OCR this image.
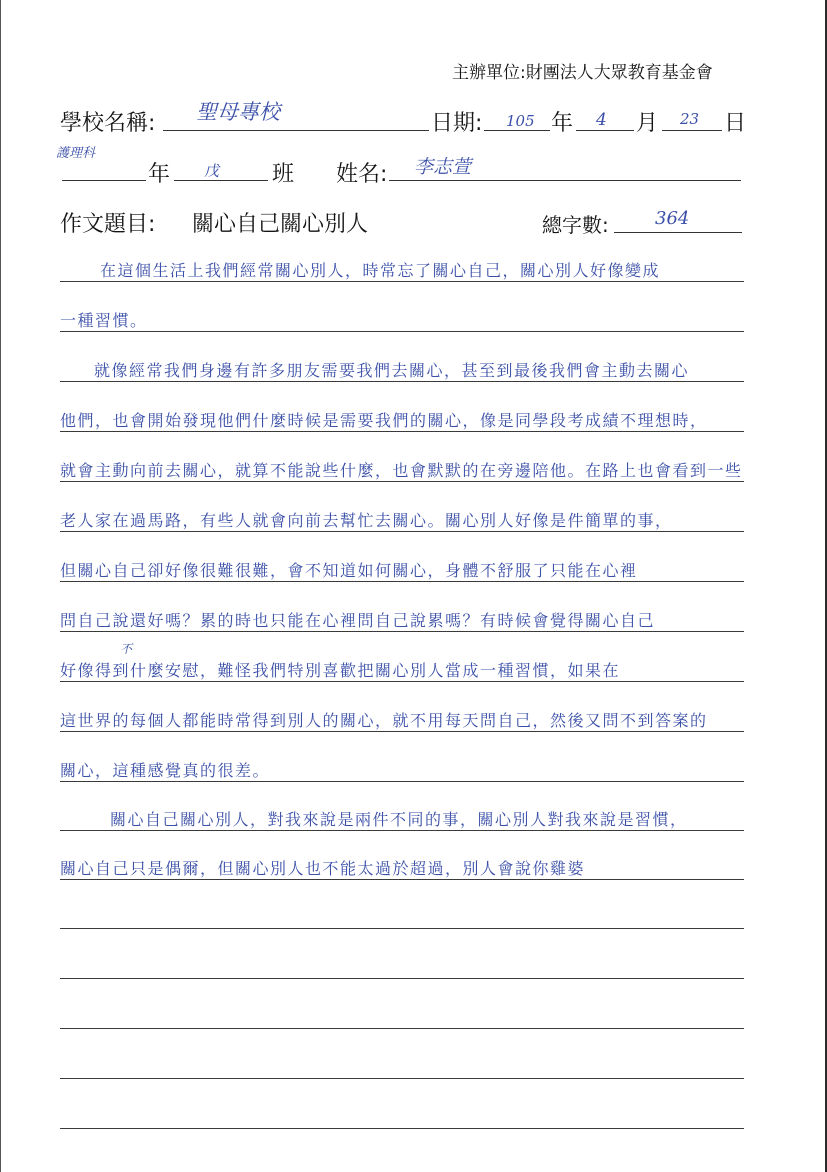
主辦單位:財團法人大眾教育基金會
學校名稱: 聖母專校	日期: 105 年 4 月 23 日
護理科
年 戊 班 姓名: 李志萱
作文題目: 關心自己關心別人	總字數:	364
在這個生活上我們經常關心別人，時常忘了關心自己，關心別人好像變成
一種習慣。
就像經常我們身邊有許多朋友需要我們去關心，甚至到最後我們會主動去關心
他們，也會開始發現他們什麼時候是需要我們的關心，像是同學段考成績不理想時，
就會主動向前去關心，就算不能說些什麼，也會默默的在旁邊陪他。在路上也會看到一些
老人家在過馬路，有些人就會向前去幫忙去關心。關心別人好像是件簡單的事，
但關心自己卻好像很難很難，會不知道如何關心，身體不舒服了只能在心裡
問自己說還好嗎？累的時也只能在心裡問自己說累嗎？有時候會覺得關心自己
不
好像得到什麼安慰，難怪我們特別喜歡把關心別人當成一種習慣，如果在
這世界的每個人都能時常得到別人的關心，就不用每天問自己，然後又問不到答案的
關心，這種感覺真的很差。
關心自己關心別人，對我來說是兩件不同的事，關心別人對我來說是習慣，
關心自己只是偶爾，但關心別人也不能太過於超過，別人會說你雞婆
